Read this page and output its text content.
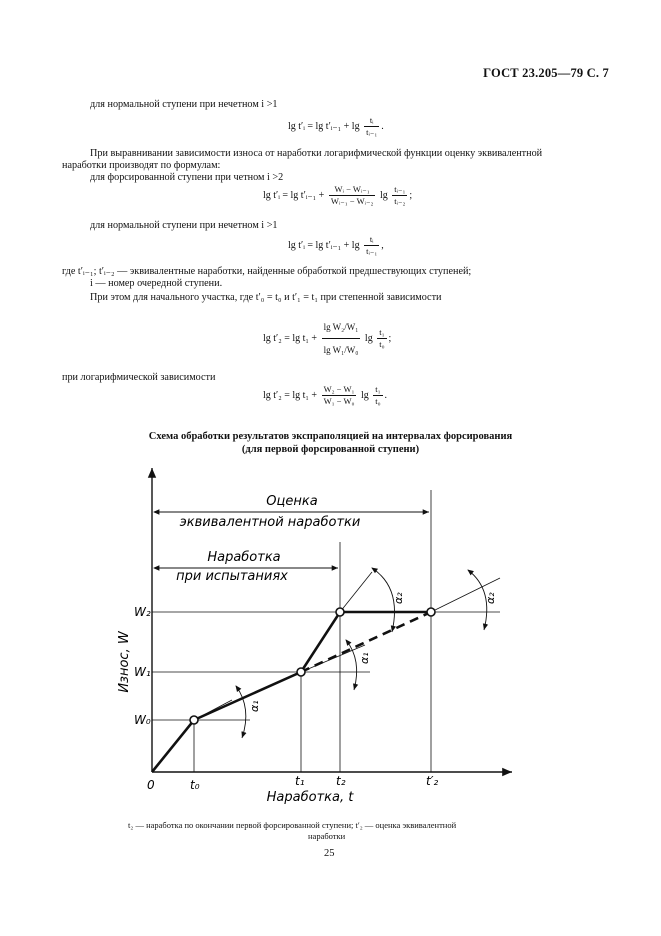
ГОСТ 23.205—79 С. 7
для нормальной ступени при нечетном i >1
lg t′ᵢ = lg t′ᵢ₋₁ + $\lg \frac{\text{tᵢ}}{\text{tᵢ₋₁}}$ .
При выравнивании зависимости износа от наработки логарифмической функции оценку эквивалентной
наработки производят по формулам:
для форсированной ступени при четном i >2
lg t′ᵢ = lg t′ᵢ₋₁ + $\frac{\text{Wᵢ − Wᵢ₋₁}}{\text{Wᵢ₋₁ − Wᵢ₋₂}}$ $\lg \frac{\text{tᵢ₋₁}}{\text{tᵢ₋₂}}$ ;
для нормальной ступени при нечетном i >1
lg t′ᵢ = lg t′ᵢ₋₁ + $\lg \frac{\text{tᵢ}}{\text{tᵢ₋₁}}$ ,
где t′ᵢ₋₁; t′ᵢ₋₂ — эквивалентные наработки, найденные обработкой предшествующих ступеней;
i — номер очередной ступени.
При этом для начального участка, где t′₀ = t₀ и t′₁ = t₁ при степенной зависимости
$\lg t'_2 = \lg t_1 + \frac{\text{lg W₂/W₁}}{\text{lg W₁/W₀}}$ $\lg \frac{\text{t₁}}{\text{t₀}}$ ;
при логарифмической зависимости
$\lg t'_2 = \lg t_1 + \frac{\text{W₂ − W₁}}{\text{W₁ − W₀}}$ $\lg \frac{\text{t₁}}{\text{t₀}}$ .
Схема обработки результатов экспраполяцией на интервалах форсирования
(для первой форсированной ступени)
Оценка
эквивалентной наработки
Наработка
при испытаниях
Износ, W
Наработка, t
W₂
W₁
W₀
0	t₀	t₁	t₂	t′₂
α₁
α₁
α₂	α₂
t₂ — наработка по окончании первой форсированной ступени; t′₂ — оценка эквивалентной
наработки
25
